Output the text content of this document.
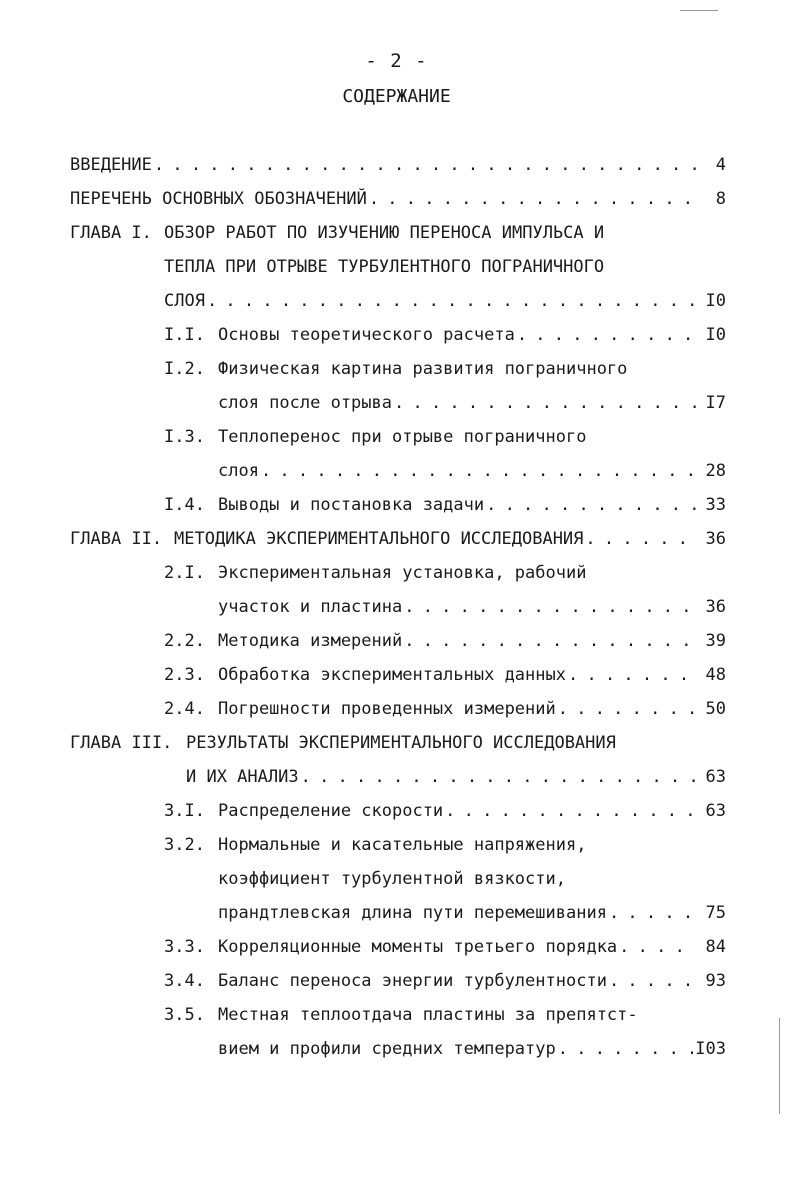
- 2 -
СОДЕРЖАНИЕ
ВВЕДЕНИЕ . . .	4
ПЕРЕЧЕНЬ ОСНОВНЫХ ОБОЗНАЧЕНИЙ . . .	8
ГЛАВА I. ОБЗОР РАБОТ ПО ИЗУЧЕНИЮ ПЕРЕНОСА ИМПУЛЬСА И
ТЕПЛА ПРИ ОТРЫВЕ ТУРБУЛЕНТНОГО ПОГРАНИЧНОГО
СЛОЯ . . .	I0
I.I. Основы теоретического расчета . . .	I0
I.2. Физическая картина развития пограничного
слоя после отрыва . . .	I7
I.3. Теплоперенос при отрыве пограничного
слоя . . .	28
I.4. Выводы и постановка задачи . . .	33
ГЛАВА II. МЕТОДИКА ЭКСПЕРИМЕНТАЛЬНОГО ИССЛЕДОВАНИЯ . . .	36
2.I. Экспериментальная установка, рабочий
участок и пластина . . .	36
2.2. Методика измерений . . .	39
2.3. Обработка экспериментальных данных . . .	48
2.4. Погрешности проведенных измерений . . .	50
ГЛАВА III. РЕЗУЛЬТАТЫ ЭКСПЕРИМЕНТАЛЬНОГО ИССЛЕДОВАНИЯ
И ИХ АНАЛИЗ . . .	63
3.I. Распределение скорости . . .	63
3.2. Нормальные и касательные напряжения,
коэффициент турбулентной вязкости,
прандтлевская длина пути перемешивания . . .	75
3.3. Корреляционные моменты третьего порядка . . .	84
3.4. Баланс переноса энергии турбулентности . . .	93
3.5. Местная теплоотдача пластины за препятст-
вием и профили средних температур . . .	I03
